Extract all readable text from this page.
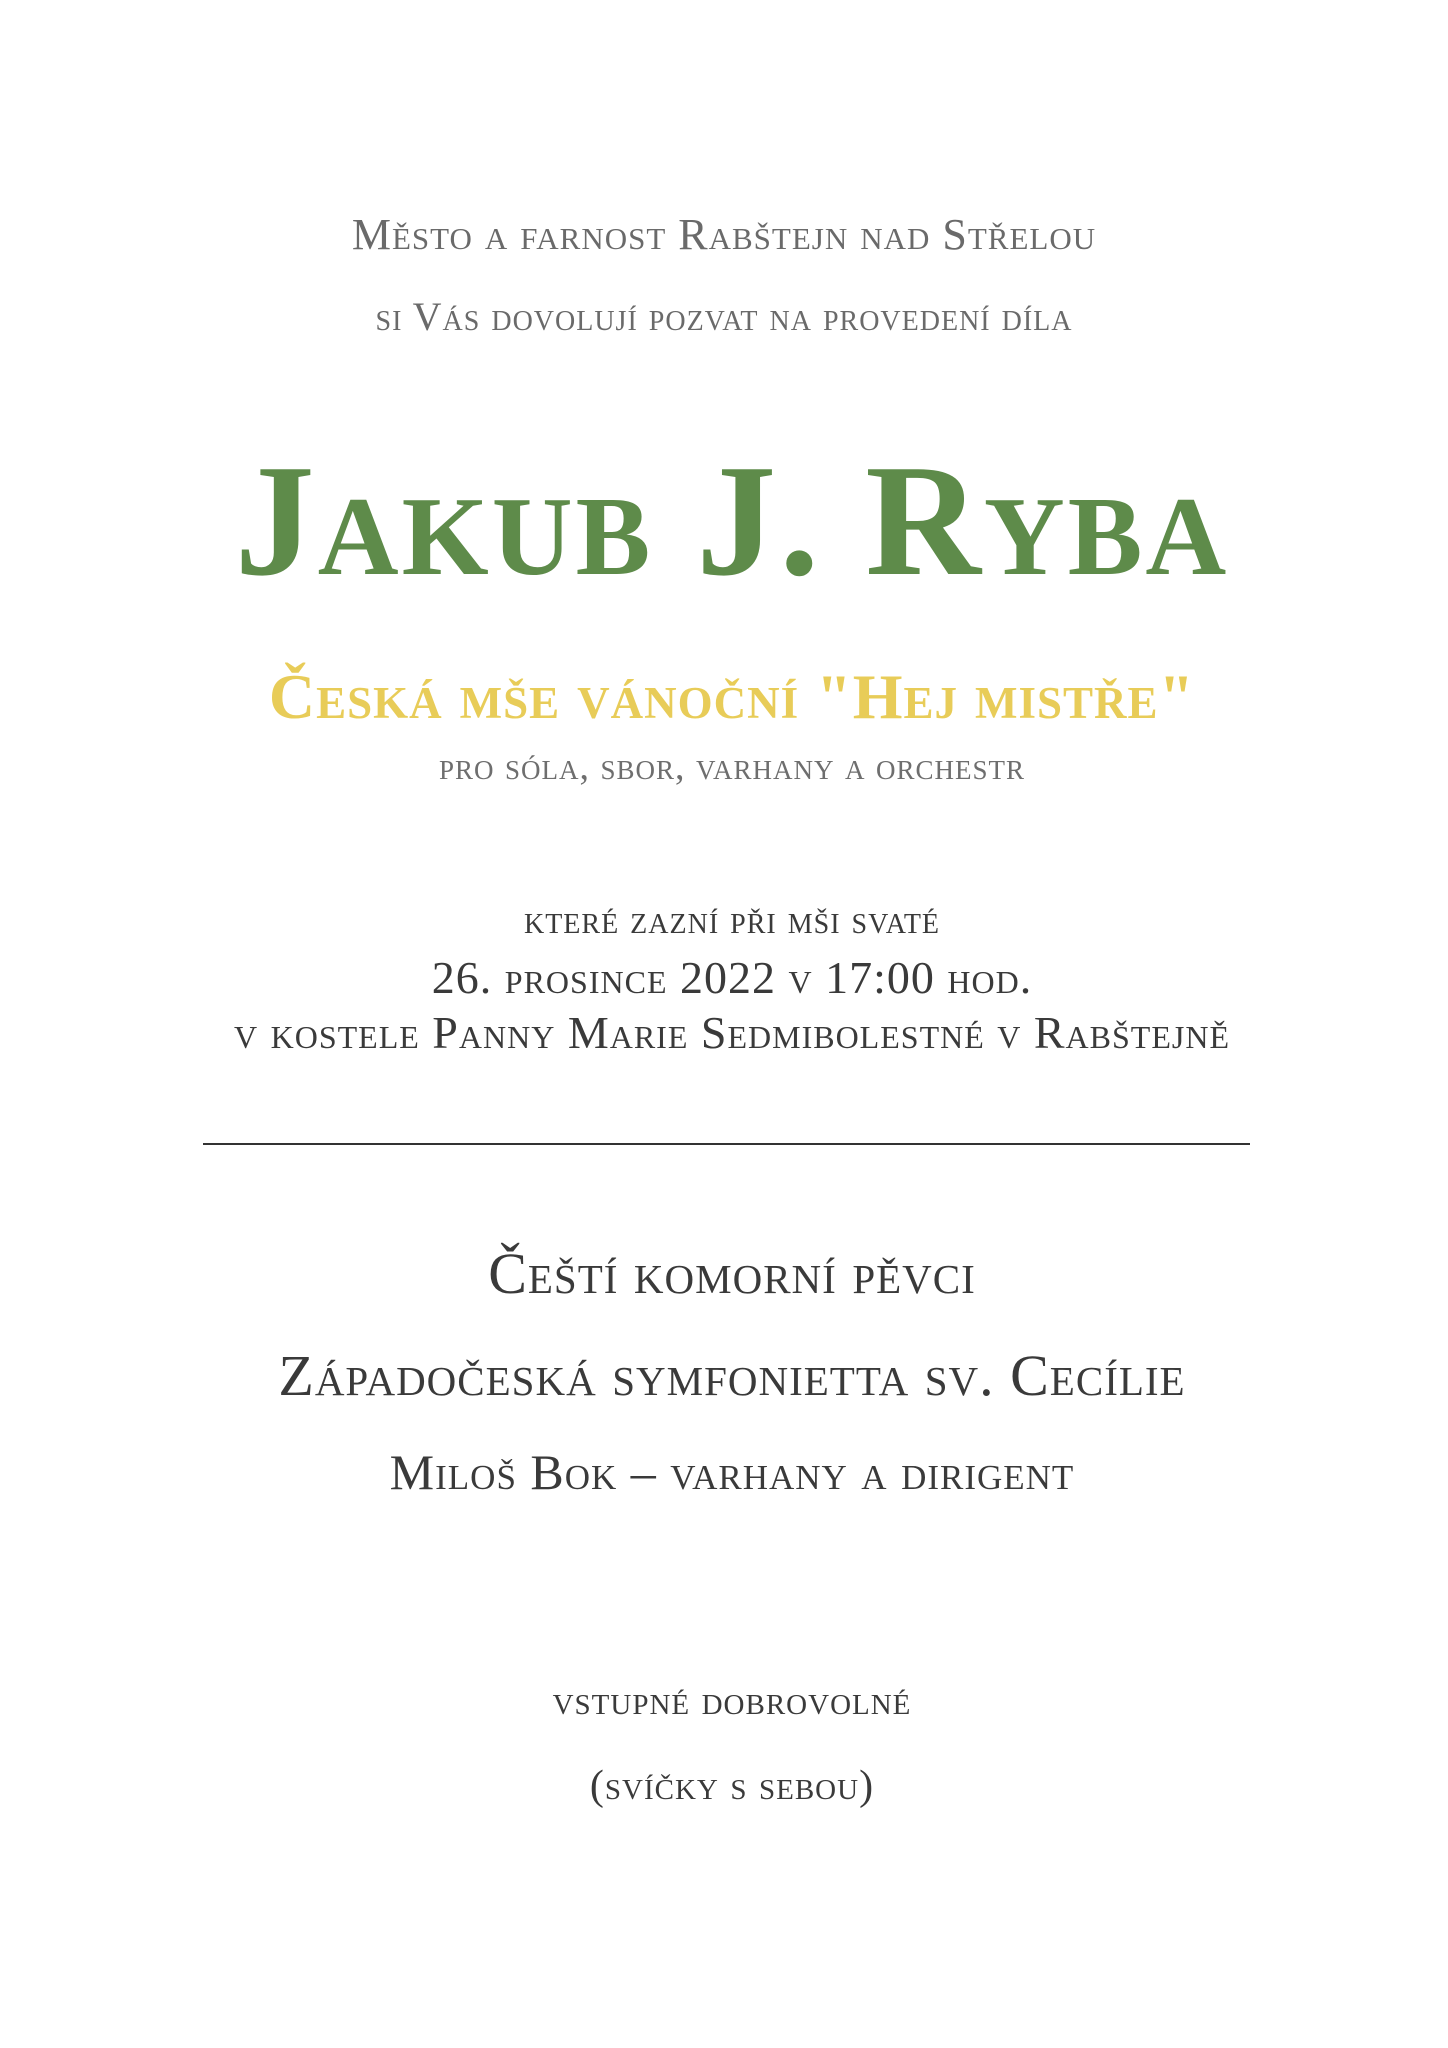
Město a farnost Rabštejn nad Střelou

si Vás dovolují pozvat na provedení díla

Jakub J. Ryba
Česká mše vánoční "Hej mistře"

pro sóla, sbor, varhany a orchestr

které zazní při mši svaté

26. prosince 2022 v 17:00 hod.

v kostele Panny Marie Sedmibolestné v Rabštejně

Čeští komorní pěvci

Západočeská symfonietta sv. Cecílie

Miloš Bok – varhany a dirigent

vstupné dobrovolné

(svíčky s sebou)
